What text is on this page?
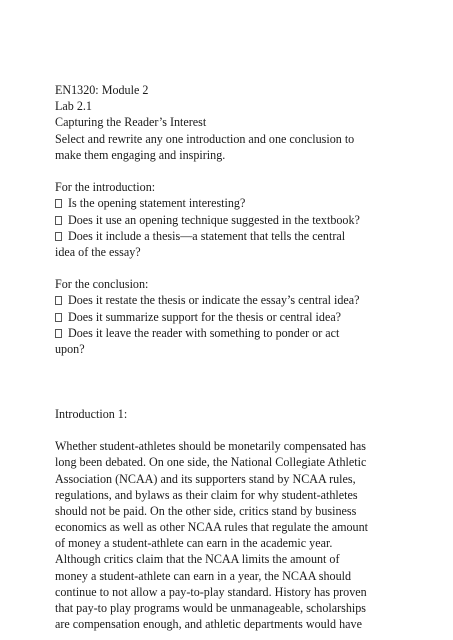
EN1320: Module 2
Lab 2.1
Capturing the Reader’s Interest
Select and rewrite any one introduction and one conclusion to
make them engaging and inspiring.
For the introduction:
Is the opening statement interesting?
Does it use an opening technique suggested in the textbook?
Does it include a thesis—a statement that tells the central
idea of the essay?
For the conclusion:
Does it restate the thesis or indicate the essay’s central idea?
Does it summarize support for the thesis or central idea?
Does it leave the reader with something to ponder or act
upon?
Introduction 1:
Whether student-athletes should be monetarily compensated has
long been debated. On one side, the National Collegiate Athletic
Association (NCAA) and its supporters stand by NCAA rules,
regulations, and bylaws as their claim for why student-athletes
should not be paid. On the other side, critics stand by business
economics as well as other NCAA rules that regulate the amount
of money a student-athlete can earn in the academic year.
Although critics claim that the NCAA limits the amount of
money a student-athlete can earn in a year, the NCAA should
continue to not allow a pay-to-play standard. History has proven
that pay-to play programs would be unmanageable, scholarships
are compensation enough, and athletic departments would have
